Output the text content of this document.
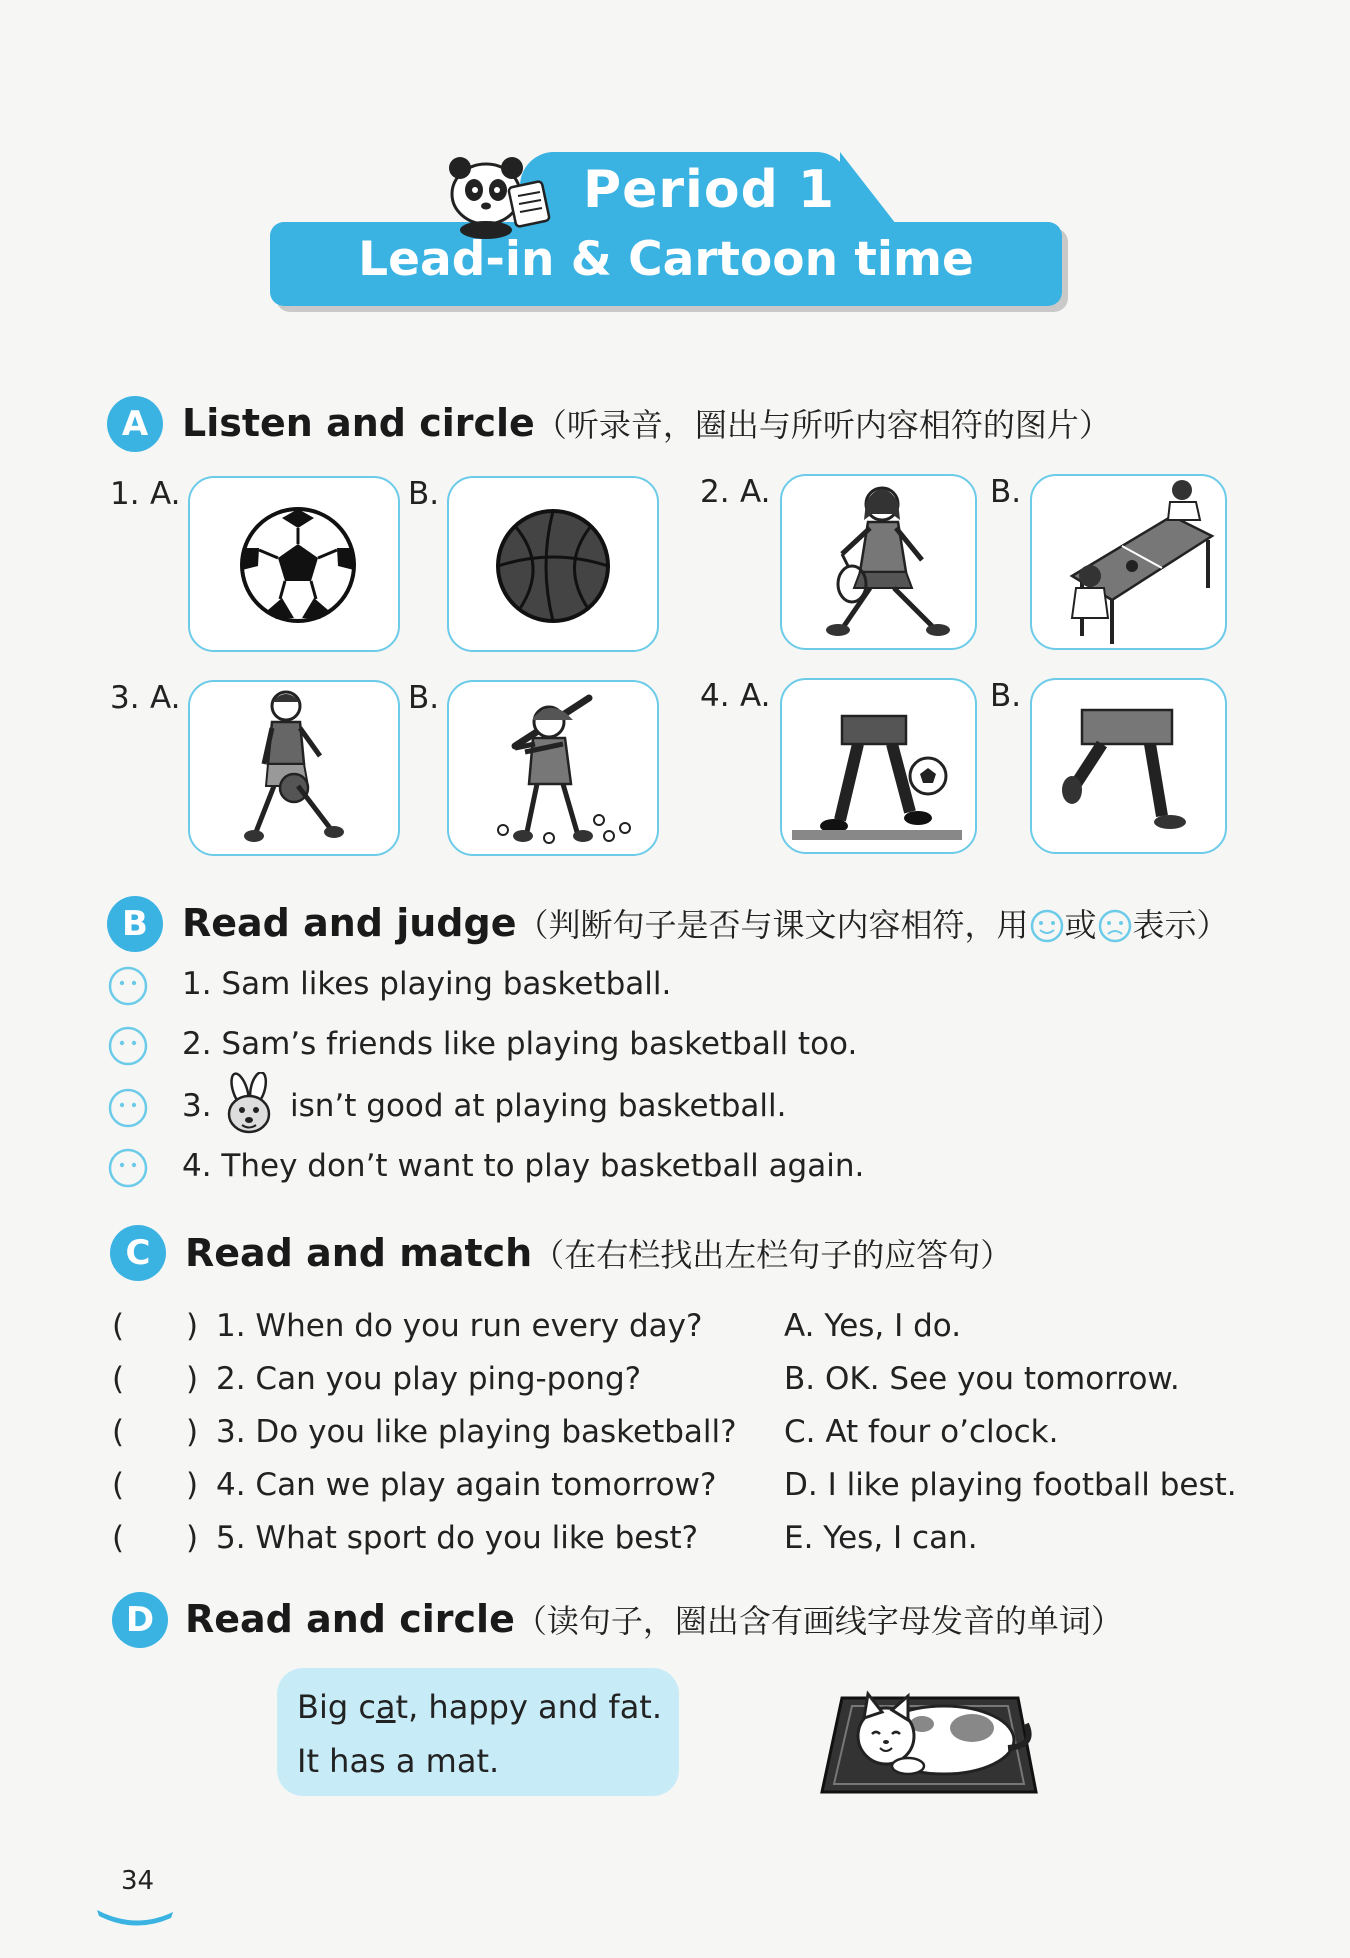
Period 1
Lead-in & Cartoon time
A Listen and circle（听录音，圈出与所听内容相符的图片）
1. A.	B.	2. A.	B.
3. A.	B.	4. A.	B.
B Read and judge（判断句子是否与课文内容相符，用 或 表示）
1. Sam likes playing basketball.
2. Sam’s friends like playing basketball too.
3.	isn’t good at playing basketball.
4. They don’t want to play basketball again.
C Read and match（在右栏找出左栏句子的应答句）
( ) 1. When do you run every day?	A. Yes, I do.
( ) 2. Can you play ping-pong?	B. OK. See you tomorrow.
( ) 3. Do you like playing basketball? C. At four o’clock.
( ) 4. Can we play again tomorrow? D. I like playing football best.
( ) 5. What sport do you like best?	E. Yes, I can.
D Read and circle（读句子，圈出含有画线字母发音的单词）
Big cat, happy and fat.
It has a mat.
34
